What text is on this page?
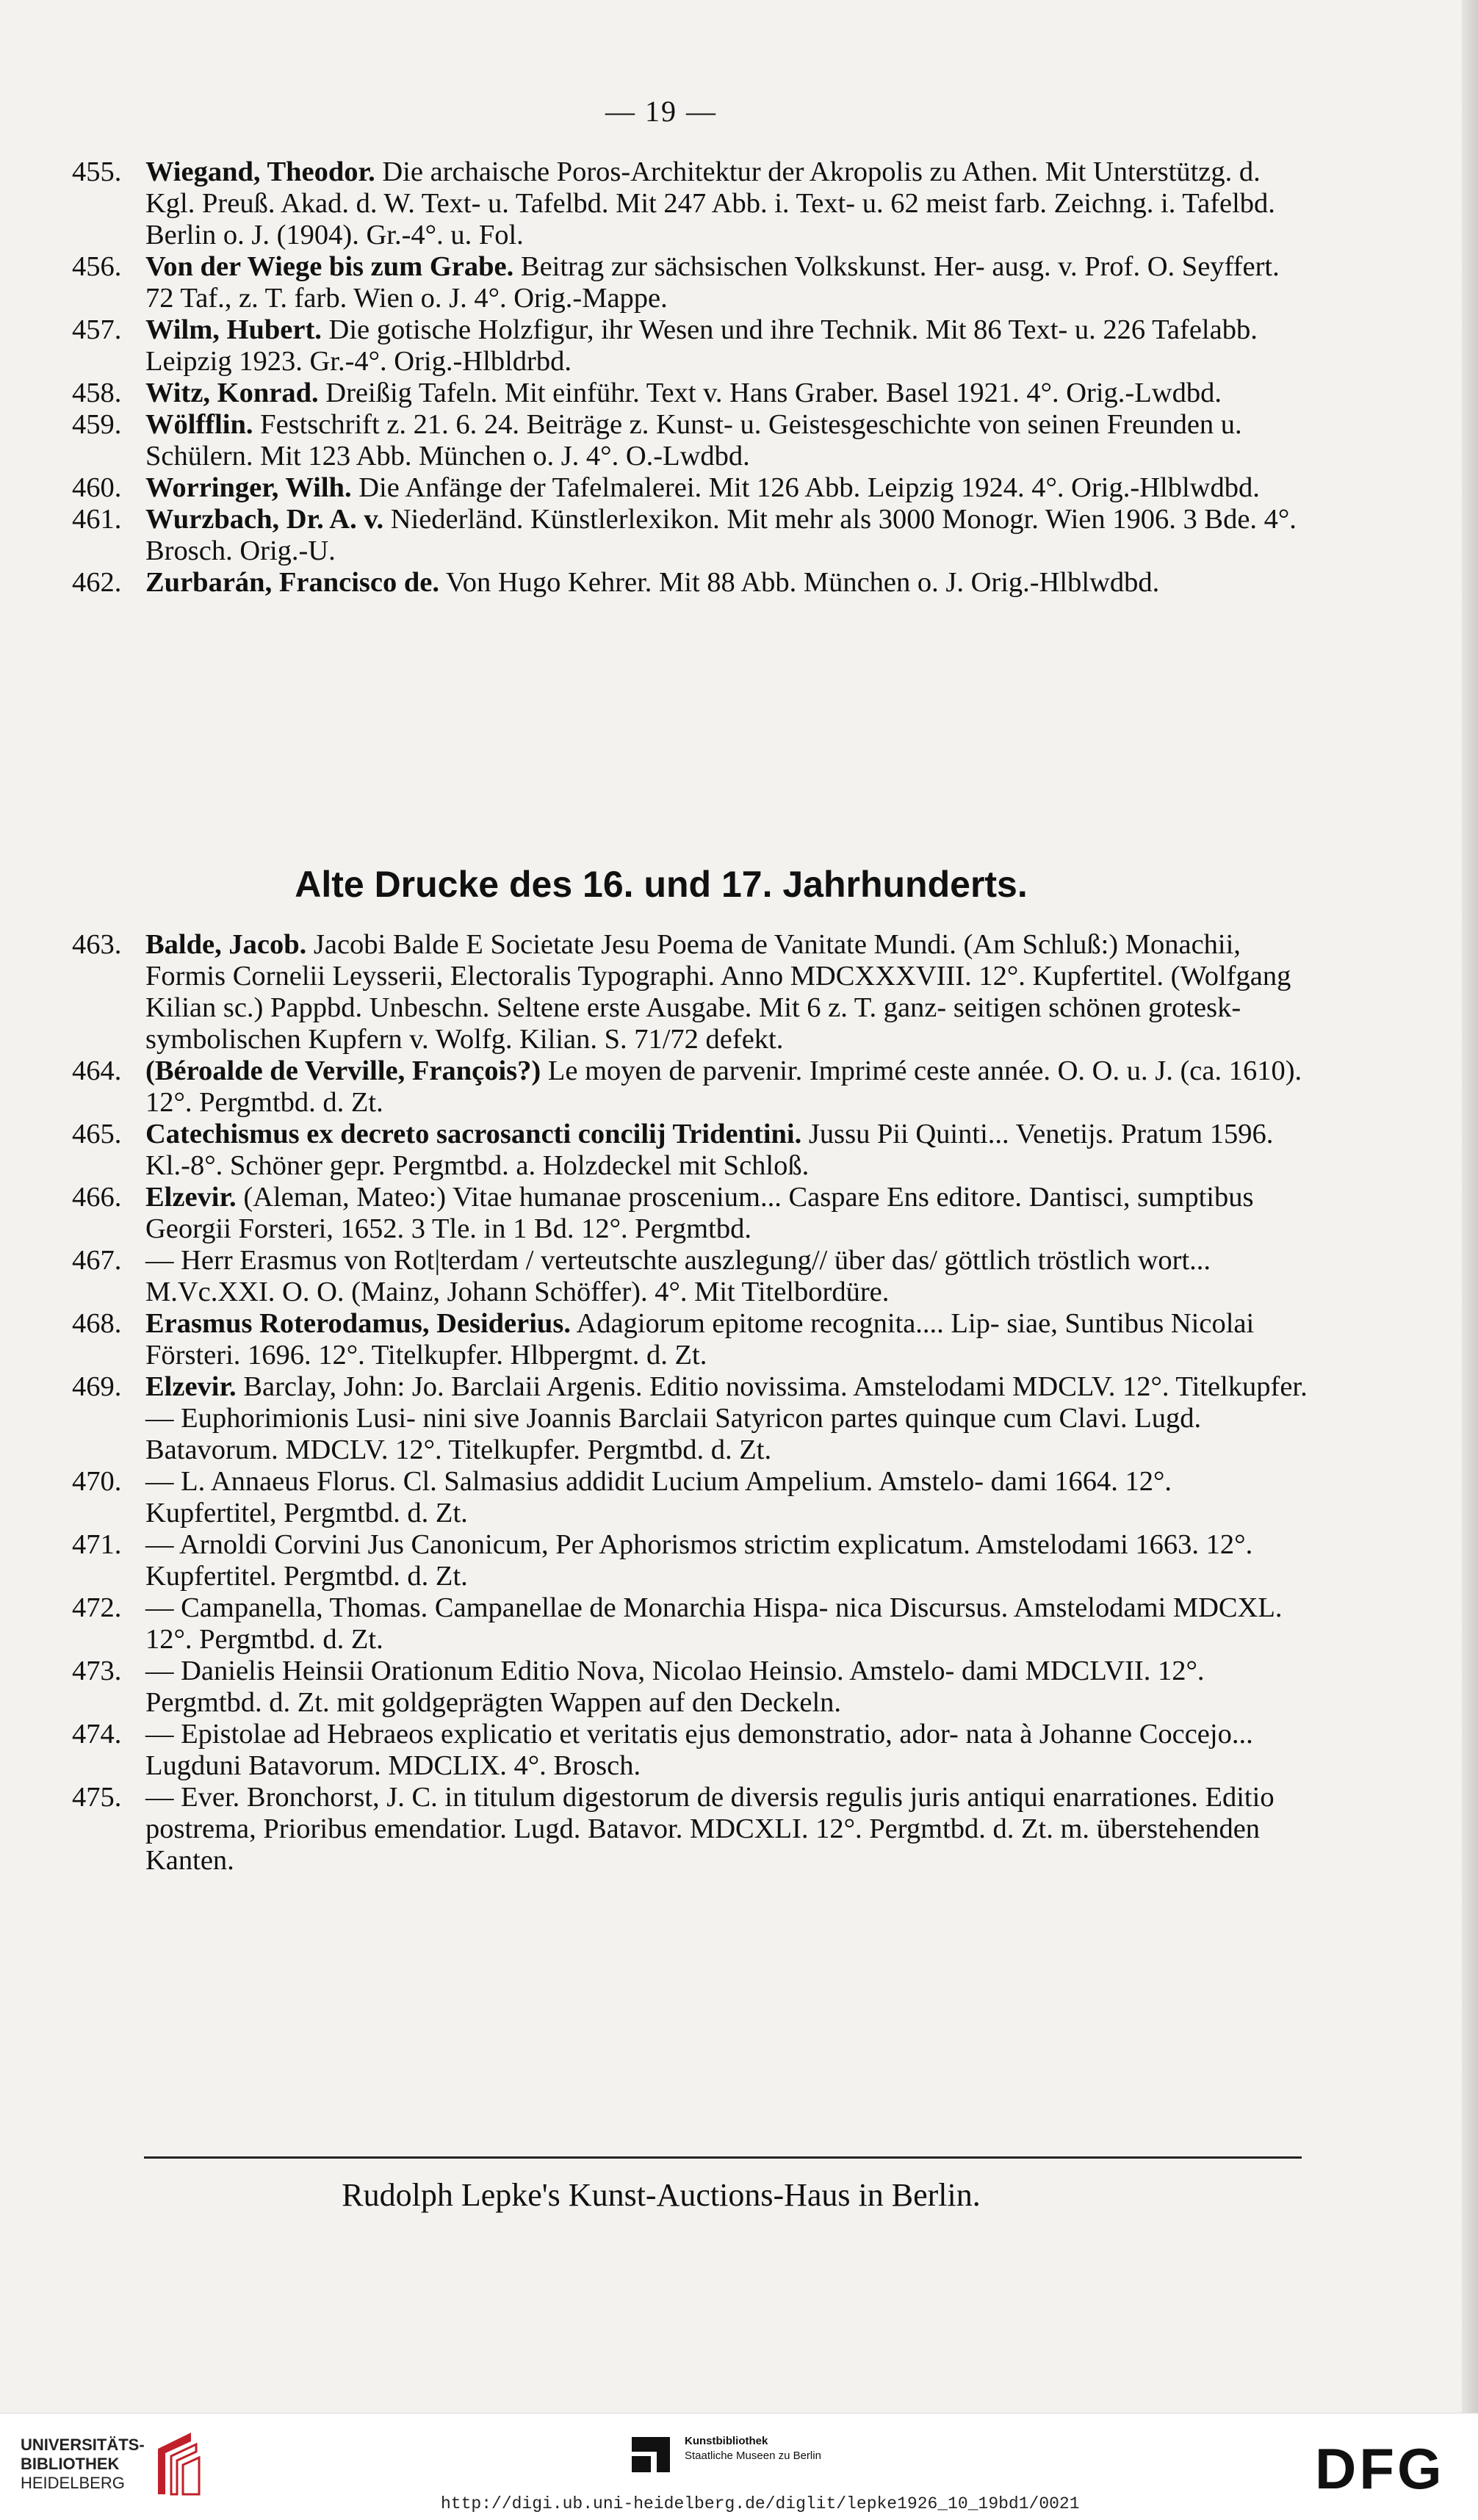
— 19 —

455. Wiegand, Theodor. Die archaische Poros-Architektur der Akropolis zu Athen. Mit Unterstützg. d. Kgl. Preuß. Akad. d. W. Text- u. Tafelbd. Mit 247 Abb. i. Text- u. 62 meist farb. Zeichng. i. Tafelbd. Berlin o. J. (1904). Gr.-4°. u. Fol.

456. Von der Wiege bis zum Grabe. Beitrag zur sächsischen Volkskunst. Her- ausg. v. Prof. O. Seyffert. 72 Taf., z. T. farb. Wien o. J. 4°. Orig.-Mappe.

457. Wilm, Hubert. Die gotische Holzfigur, ihr Wesen und ihre Technik. Mit 86 Text- u. 226 Tafelabb. Leipzig 1923. Gr.-4°. Orig.-Hlbldrbd.

458. Witz, Konrad. Dreißig Tafeln. Mit einführ. Text v. Hans Graber. Basel 1921. 4°. Orig.-Lwdbd.

459. Wölfflin. Festschrift z. 21. 6. 24. Beiträge z. Kunst- u. Geistesgeschichte von seinen Freunden u. Schülern. Mit 123 Abb. München o. J. 4°. O.-Lwdbd.

460. Worringer, Wilh. Die Anfänge der Tafelmalerei. Mit 126 Abb. Leipzig 1924. 4°. Orig.-Hlblwdbd.

461. Wurzbach, Dr. A. v. Niederländ. Künstlerlexikon. Mit mehr als 3000 Monogr. Wien 1906. 3 Bde. 4°. Brosch. Orig.-U.

462. Zurbarán, Francisco de. Von Hugo Kehrer. Mit 88 Abb. München o. J. Orig.-Hlblwdbd.

Alte Drucke des 16. und 17. Jahrhunderts.

463. Balde, Jacob. Jacobi Balde E Societate Jesu Poema de Vanitate Mundi. (Am Schluß:) Monachii, Formis Cornelii Leysserii, Electoralis Typographi. Anno MDCXXXVIII. 12°. Kupfertitel. (Wolfgang Kilian sc.) Pappbd. Unbeschn. Seltene erste Ausgabe. Mit 6 z. T. ganz- seitigen schönen grotesk-symbolischen Kupfern v. Wolfg. Kilian. S. 71/72 defekt.

464. (Béroalde de Verville, François?) Le moyen de parvenir. Imprimé ceste année. O. O. u. J. (ca. 1610). 12°. Pergmtbd. d. Zt.

465. Catechismus ex decreto sacrosancti concilij Tridentini. Jussu Pii Quinti... Venetijs. Pratum 1596. Kl.-8°. Schöner gepr. Pergmtbd. a. Holzdeckel mit Schloß.

466. Elzevir. (Aleman, Mateo:) Vitae humanae proscenium... Caspare Ens editore. Dantisci, sumptibus Georgii Forsteri, 1652. 3 Tle. in 1 Bd. 12°. Pergmtbd.

467. — Herr Erasmus von Rot|terdam / verteutschte auszlegung// über das/ göttlich tröstlich wort... M.Vc.XXI. O. O. (Mainz, Johann Schöffer). 4°. Mit Titelbordüre.

468. Erasmus Roterodamus, Desiderius. Adagiorum epitome recognita.... Lip- siae, Suntibus Nicolai Försteri. 1696. 12°. Titelkupfer. Hlbpergmt. d. Zt.

469. Elzevir. Barclay, John: Jo. Barclaii Argenis. Editio novissima. Amstelodami MDCLV. 12°. Titelkupfer. — Euphorimionis Lusi- nini sive Joannis Barclaii Satyricon partes quinque cum Clavi. Lugd. Batavorum. MDCLV. 12°. Titelkupfer. Pergmtbd. d. Zt.

470. — L. Annaeus Florus. Cl. Salmasius addidit Lucium Ampelium. Amstelo- dami 1664. 12°. Kupfertitel, Pergmtbd. d. Zt.

471. — Arnoldi Corvini Jus Canonicum, Per Aphorismos strictim explicatum. Amstelodami 1663. 12°. Kupfertitel. Pergmtbd. d. Zt.

472. — Campanella, Thomas. Campanellae de Monarchia Hispa- nica Discursus. Amstelodami MDCXL. 12°. Pergmtbd. d. Zt.

473. — Danielis Heinsii Orationum Editio Nova, Nicolao Heinsio. Amstelo- dami MDCLVII. 12°. Pergmtbd. d. Zt. mit goldgeprägten Wappen auf den Deckeln.

474. — Epistolae ad Hebraeos explicatio et veritatis ejus demonstratio, ador- nata à Johanne Coccejo... Lugduni Batavorum. MDCLIX. 4°. Brosch.

475. — Ever. Bronchorst, J. C. in titulum digestorum de diversis regulis juris antiqui enarrationes. Editio postrema, Prioribus emendatior. Lugd. Batavor. MDCXLI. 12°. Pergmtbd. d. Zt. m. überstehenden Kanten.

Rudolph Lepke's Kunst-Auctions-Haus in Berlin.
UNIVERSITÄTS-
BIBLIOTHEK
HEIDELBERG
Kunstbibliothek
Staatliche Museen zu Berlin	DFG
http://digi.ub.uni-heidelberg.de/diglit/lepke1926_10_19bd1/0021
